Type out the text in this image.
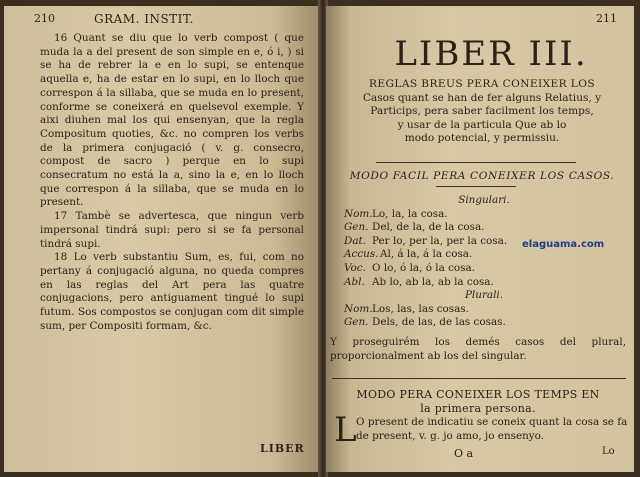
210	GRAM. INSTIT.

16 Quant se diu que lo verb compost ( que muda la a del present de son simple en e, ó i, ) si se ha de rebrer la e en lo supi, se entenque aquella e, ha de estar en lo supi, en lo lloch que correspon á la sillaba, que se muda en lo present, conforme se coneixerá en quelsevol exemple. Y aixi diuhen mal los qui ensenyan, que la regla Compositum quoties, &c. no compren los verbs de la primera conjugació ( v. g. consecro, compost de sacro ) perque en lo supi consecratum no está la a, sino la e, en lo lloch que correspon á la sillaba, que se muda en lo present.

17 Tambè se advertesca, que ningun verb impersonal tindrá supi: pero si se fa personal tindrá supi.

18 Lo verb substantiu Sum, es, fui, com no pertany á conjugació alguna, no queda compres en las reglas del Art pera las quatre conjugacions, pero antiguament tingué lo supi futum. Sos compostos se conjugan com dit simple sum, per Compositi formam, &c.

LIBER
211
LIBER III.
REGLAS BREUS PERA CONEIXER LOS
Casos quant se han de fer alguns Relatius, y
Particips, pera saber facilment los temps,
y usar de la particula Que ab lo
modo potencial, y permissiu.
MODO FACIL PERA CONEIXER LOS CASOS.
Singulari.
Nom. Lo, la, la cosa.
Gen. Del, de la, de la cosa.
Dat. Per lo, per la, per la cosa.
Accus. Al, á la, á la cosa.
Voc. O lo, ó la, ó la cosa.
Abl. Ab lo, ab la, ab la cosa.
Plurali.
Nom. Los, las, las cosas.
Gen. Dels, de las, de las cosas.
Y proseguirém los demés casos del plural, proporcionalment ab los del singular.
MODO PERA CONEIXER LOS TEMPS EN
la primera persona.
L O present de indicatiu se coneix quant la cosa se fa de present, v. g. jo amo, jo ensenyo.
O a	Lo
elaguama.com
